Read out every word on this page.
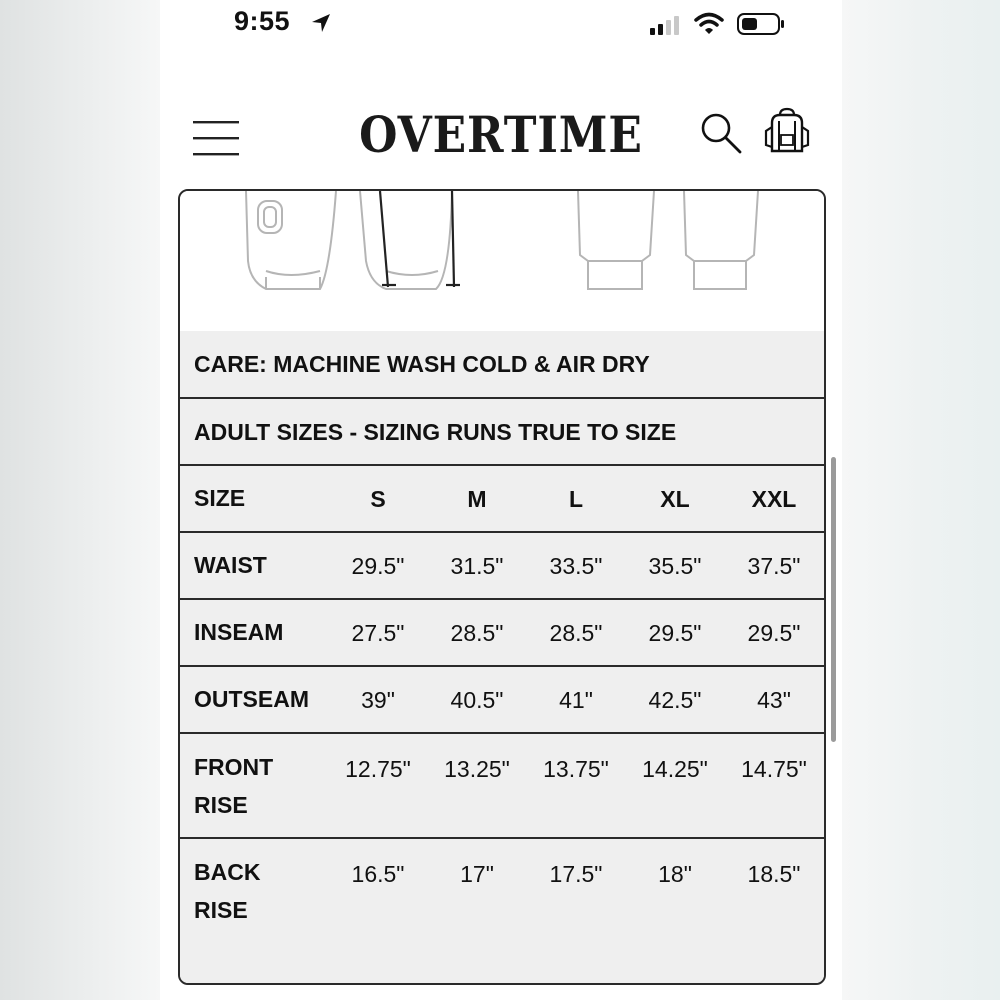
9:55
OVERTIME
CARE: MACHINE WASH COLD & AIR DRY
ADULT SIZES - SIZING RUNS TRUE TO SIZE
SIZE	S	M	L	XL	XXL
WAIST	29.5"	31.5"	33.5"	35.5"	37.5"
INSEAM	27.5"	28.5"	28.5"	29.5"	29.5"
OUTSEAM	39"	40.5"	41"	42.5"	43"
FRONT
RISE
12.75"	13.25"	13.75"	14.25"	14.75"
BACK
RISE
16.5"	17"	17.5"	18"	18.5"
